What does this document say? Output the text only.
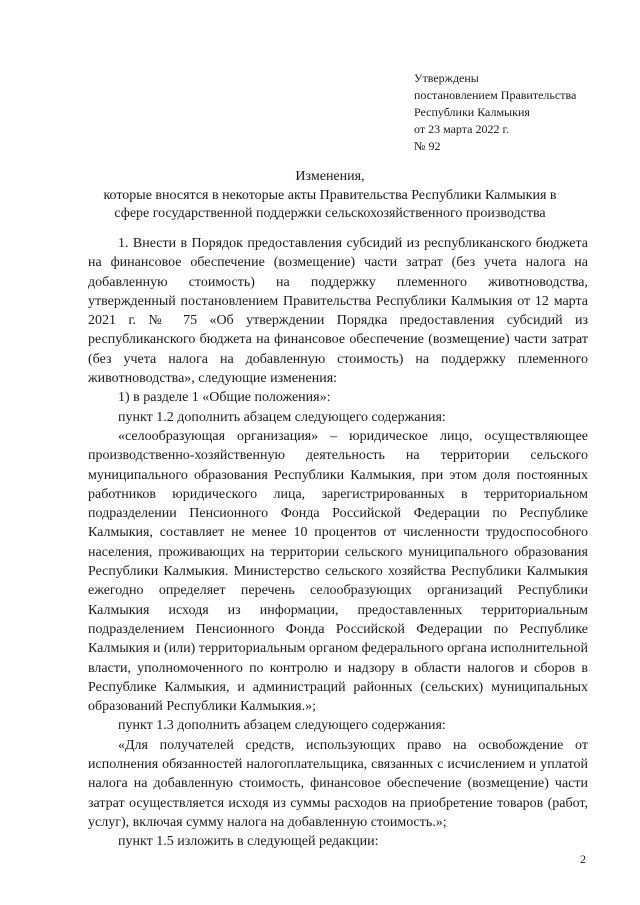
Утверждены
постановлением Правительства
Республики Калмыкия
от 23 марта 2022 г.
№ 92
Изменения,
которые вносятся в некоторые акты Правительства Республики Калмыкия в
сфере государственной поддержки сельскохозяйственного производства

1. Внести в Порядок предоставления субсидий из республиканского бюджета на финансовое обеспечение (возмещение) части затрат (без учета налога на добавленную стоимость) на поддержку племенного животноводства, утвержденный постановлением Правительства Республики Калмыкия от 12 марта 2021 г. № 75 «Об утверждении Порядка предоставления субсидий из республиканского бюджета на финансовое обеспечение (возмещение) части затрат (без учета налога на добавленную стоимость) на поддержку племенного животноводства», следующие изменения:

1) в разделе 1 «Общие положения»:

пункт 1.2 дополнить абзацем следующего содержания:

«селообразующая организация» – юридическое лицо, осуществляющее производственно-хозяйственную деятельность на территории сельского муниципального образования Республики Калмыкия, при этом доля постоянных работников юридического лица, зарегистрированных в территориальном подразделении Пенсионного Фонда Российской Федерации по Республике Калмыкия, составляет не менее 10 процентов от численности трудоспособного населения, проживающих на территории сельского муниципального образования Республики Калмыкия. Министерство сельского хозяйства Республики Калмыкия ежегодно определяет перечень селообразующих организаций Республики Калмыкия исходя из информации, предоставленных территориальным подразделением Пенсионного Фонда Российской Федерации по Республике Калмыкия и (или) территориальным органом федерального органа исполнительной власти, уполномоченного по контролю и надзору в области налогов и сборов в Республике Калмыкия, и администраций районных (сельских) муниципальных образований Республики Калмыкия.»;

пункт 1.3 дополнить абзацем следующего содержания:

«Для получателей средств, использующих право на освобождение от исполнения обязанностей налогоплательщика, связанных с исчислением и уплатой налога на добавленную стоимость, финансовое обеспечение (возмещение) части затрат осуществляется исходя из суммы расходов на приобретение товаров (работ, услуг), включая сумму налога на добавленную стоимость.»;

пункт 1.5 изложить в следующей редакции:

2
